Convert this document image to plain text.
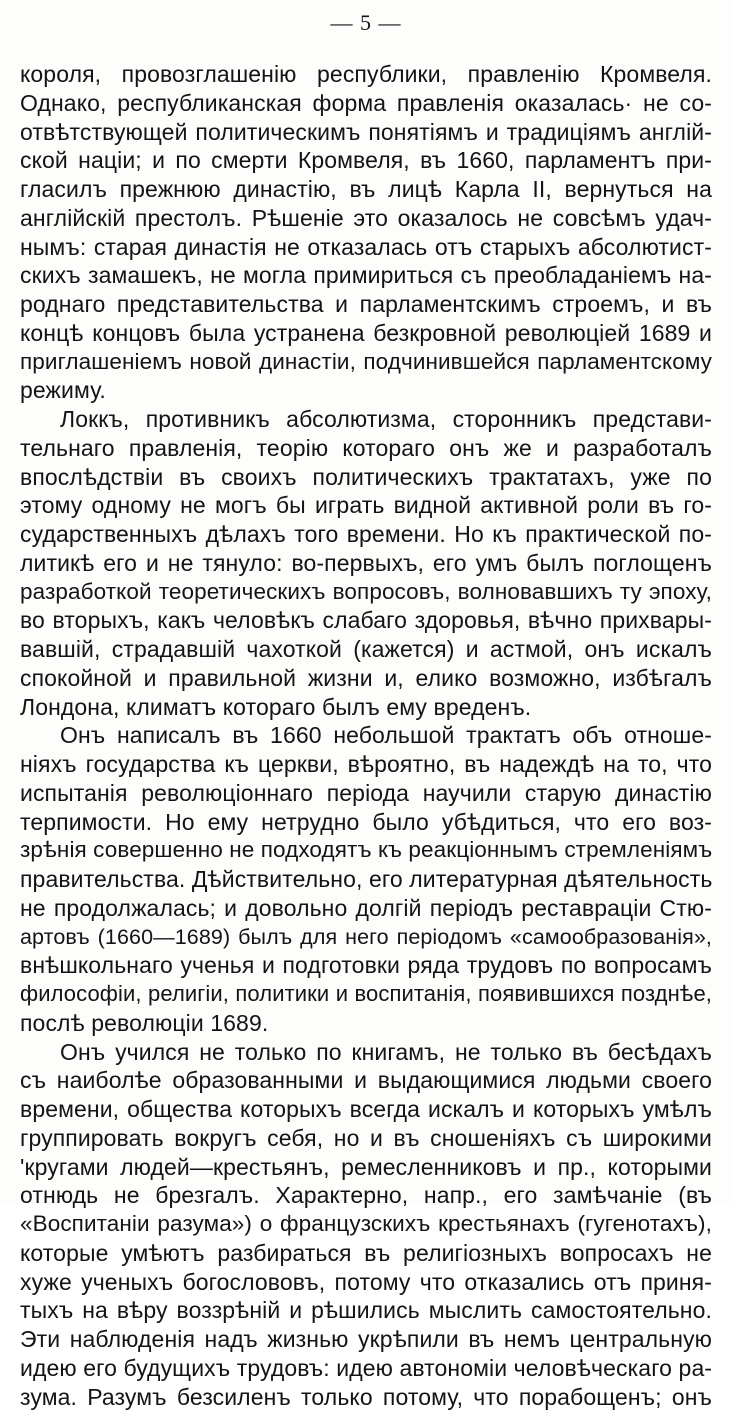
— 5 —
короля, провозглашенію республики, правленію Кромвеля.
Однако, республиканская форма правленія оказалась· не со-
отвѣтствующей политическимъ понятіямъ и традиціямъ англій-
ской націи; и по смерти Кромвеля, въ 1660, парламентъ при-
гласилъ прежнюю династію, въ лицѣ Карла II, вернуться на
англійскій престолъ. Рѣшеніе это оказалось не совсѣмъ удач-
нымъ: старая династія не отказалась отъ старыхъ абсолютист-
скихъ замашекъ, не могла примириться съ преобладаніемъ на-
роднаго представительства и парламентскимъ строемъ, и въ
концѣ концовъ была устранена безкровной революціей 1689 и
приглашеніемъ новой династіи, подчинившейся парламентскому
режиму.
Локкъ, противникъ абсолютизма, сторонникъ представи-
тельнаго правленія, теорію котораго онъ же и разработалъ
впослѣдствіи въ своихъ политическихъ трактатахъ, уже по
этому одному не могъ бы играть видной активной роли въ го-
сударственныхъ дѣлахъ того времени. Но къ практической по-
литикѣ его и не тянуло: во-первыхъ, его умъ былъ поглощенъ
разработкой теоретическихъ вопросовъ, волновавшихъ ту эпоху,
во вторыхъ, какъ человѣкъ слабаго здоровья, вѣчно прихвары-
вавшій, страдавшій чахоткой (кажется) и астмой, онъ искалъ
спокойной и правильной жизни и, елико возможно, избѣгалъ
Лондона, климатъ котораго былъ ему вреденъ.
Онъ написалъ въ 1660 небольшой трактатъ объ отноше-
ніяхъ государства къ церкви, вѣроятно, въ надеждѣ на то, что
испытанія революціоннаго періода научили старую династію
терпимости. Но ему нетрудно было убѣдиться, что его воз-
зрѣнія совершенно не подходятъ къ реакціоннымъ стремленіямъ
правительства. Дѣйствительно, его литературная дѣятельность
не продолжалась; и довольно долгій періодъ реставраціи Стю-
артовъ (1660—1689) былъ для него періодомъ «самообразованія»,
внѣшкольнаго ученья и подготовки ряда трудовъ по вопросамъ
философіи, религіи, политики и воспитанія, появившихся позднѣе,
послѣ революціи 1689.
Онъ учился не только по книгамъ, не только въ бесѣдахъ
съ наиболѣе образованными и выдающимися людьми своего
времени, общества которыхъ всегда искалъ и которыхъ умѣлъ
группировать вокругъ себя, но и въ сношеніяхъ съ широкими
'кругами людей—крестьянъ, ремесленниковъ и пр., которыми
отнюдь не брезгалъ. Характерно, напр., его замѣчаніе (въ
«Воспитаніи разума») о французскихъ крестьянахъ (гугенотахъ),
которые умѣютъ разбираться въ религіозныхъ вопросахъ не
хуже ученыхъ богослововъ, потому что отказались отъ приня-
тыхъ на вѣру воззрѣній и рѣшились мыслить самостоятельно.
Эти наблюденія надъ жизнью укрѣпили въ немъ центральную
идею его будущихъ трудовъ: идею автономіи человѣческаго ра-
зума. Разумъ безсиленъ только потому, что порабощенъ; онъ
